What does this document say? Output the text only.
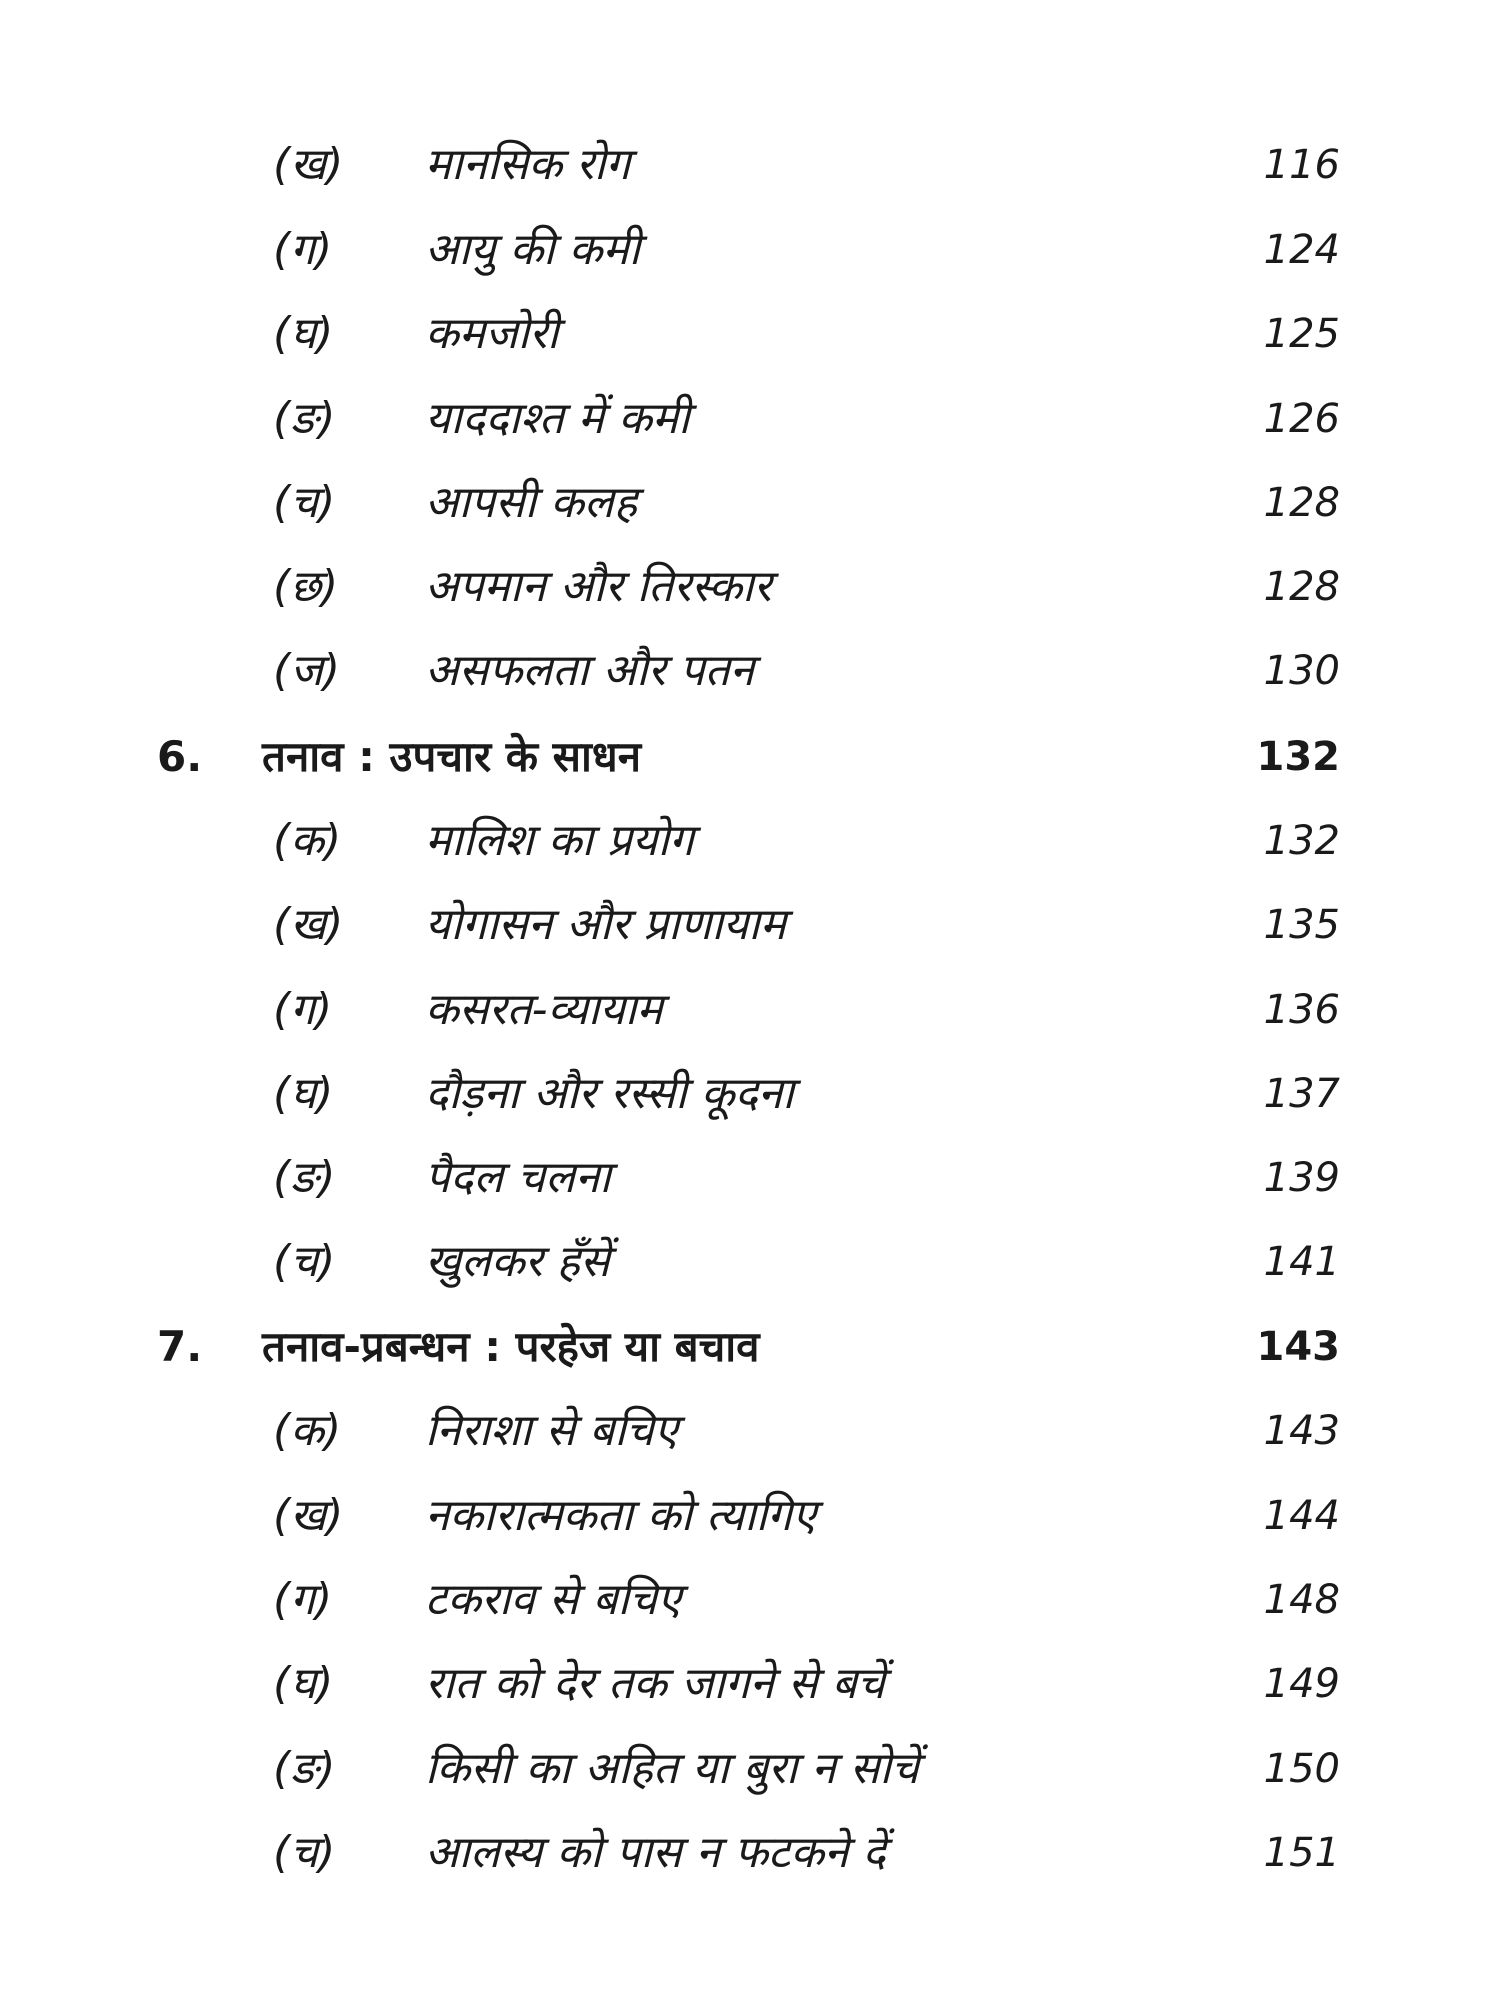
(ख) मानसिक रोग	116
(ग) आयु की कमी	124
(घ) कमजोरी	125
(ङ) याददाश्त में कमी	126
(च) आपसी कलह	128
(छ) अपमान और तिरस्कार	128
(ज) असफलता और पतन	130
6. तनाव : उपचार के साधन	132
(क) मालिश का प्रयोग	132
(ख) योगासन और प्राणायाम	135
(ग) कसरत-व्यायाम	136
(घ) दौड़ना और रस्सी कूदना	137
(ङ) पैदल चलना	139
(च) खुलकर हँसें	141
7. तनाव-प्रबन्धन : परहेज या बचाव	143
(क) निराशा से बचिए	143
(ख) नकारात्मकता को त्यागिए	144
(ग) टकराव से बचिए	148
(घ) रात को देर तक जागने से बचें	149
(ङ) किसी का अहित या बुरा न सोचें	150
(च) आलस्य को पास न फटकने दें	151
